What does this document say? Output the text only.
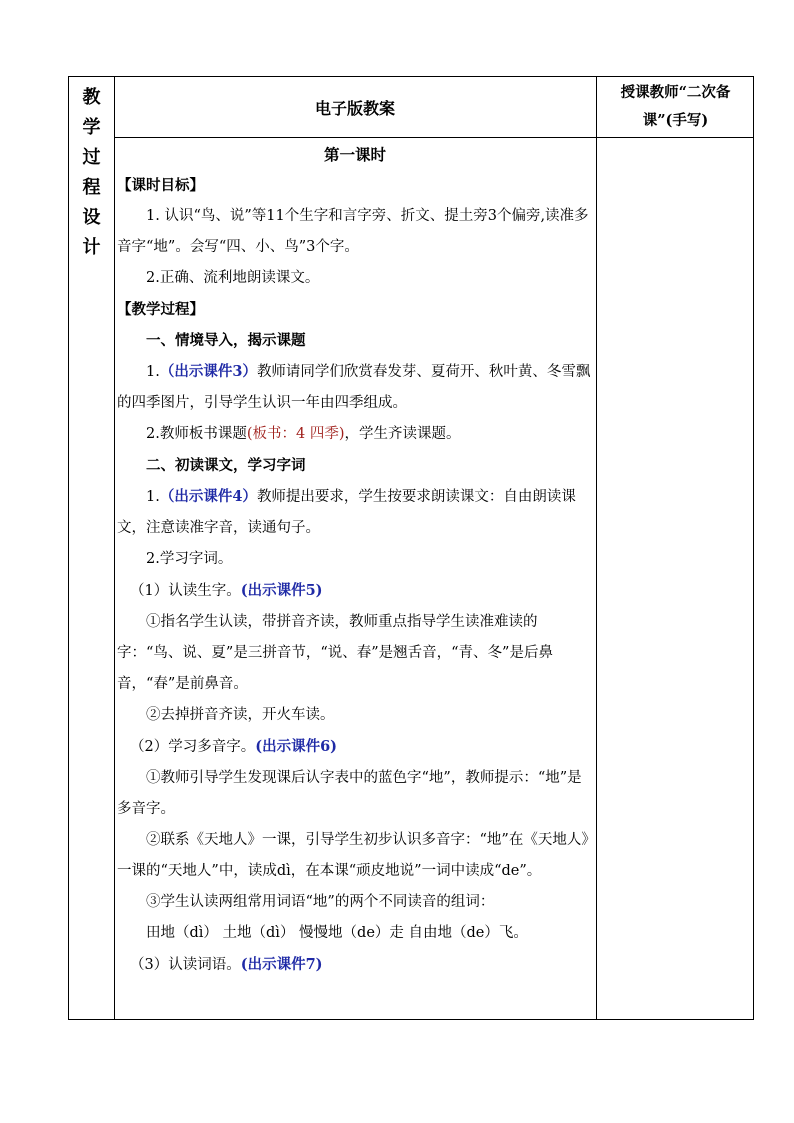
教
学
过
程
设
计
电子版教案
授课教师“二次备课”(手写)

第一课时

【课时目标】

1. 认识“鸟、说”等11个生字和言字旁、折文、提土旁3个偏旁,读准多音字“地”。会写“四、小、鸟”3个字。

2.正确、流利地朗读课文。

【教学过程】

一、情境导入，揭示课题

1.（出示课件3）教师请同学们欣赏春发芽、夏荷开、秋叶黄、冬雪飘的四季图片，引导学生认识一年由四季组成。

2.教师板书课题(板书：4 四季)，学生齐读课题。

二、初读课文，学习字词

1.（出示课件4）教师提出要求，学生按要求朗读课文：自由朗读课文，注意读准字音，读通句子。

2.学习字词。

（1）认读生字。(出示课件5)

①指名学生认读，带拼音齐读，教师重点指导学生读准难读的字：“鸟、说、夏”是三拼音节，“说、春”是翘舌音，“青、冬”是后鼻音，“春”是前鼻音。

②去掉拼音齐读，开火车读。

（2）学习多音字。(出示课件6)

①教师引导学生发现课后认字表中的蓝色字“地”，教师提示：“地”是多音字。

②联系《天地人》一课，引导学生初步认识多音字：“地”在《天地人》一课的“天地人”中，读成dì，在本课“顽皮地说”一词中读成“de”。

③学生认读两组常用词语“地”的两个不同读音的组词：

田地（dì） 土地（dì） 慢慢地（de）走 自由地（de）飞。

（3）认读词语。(出示课件7)
